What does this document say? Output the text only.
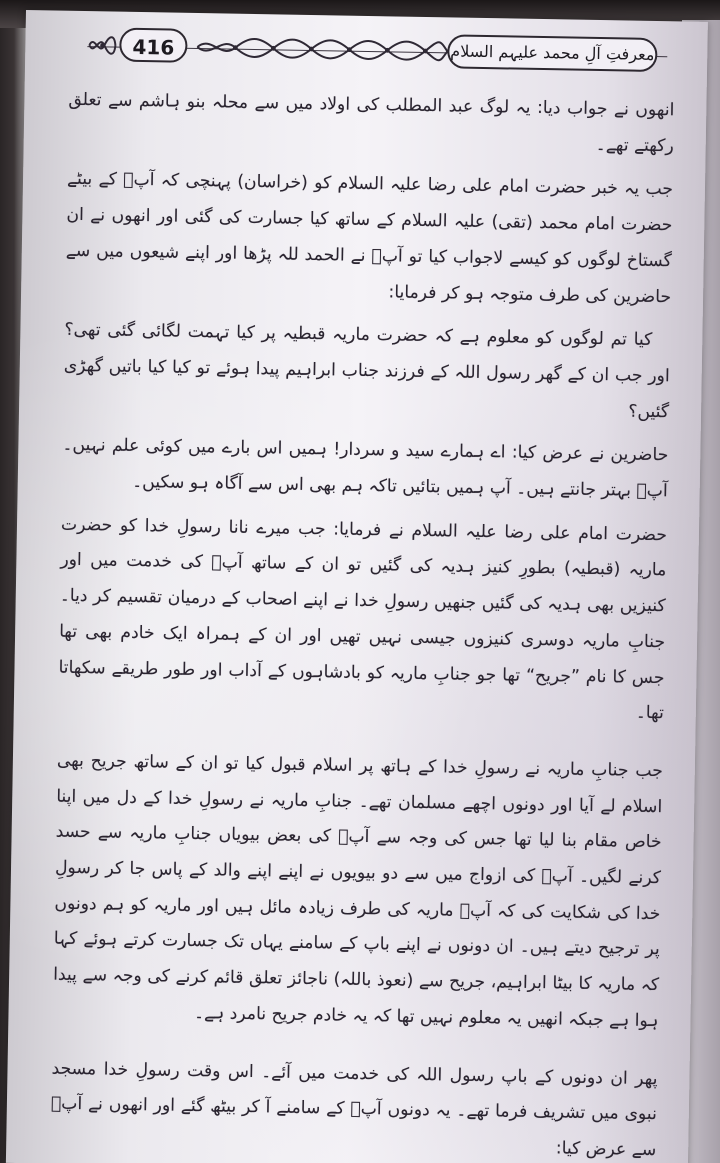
416	معرفتِ آلِ محمد علیہم السلام

انھوں نے جواب دیا: یہ لوگ عبد المطلب کی اولاد میں سے محلہ بنو ہاشم سے تعلق رکھتے تھے۔

جب یہ خبر حضرت امام علی رضا علیہ السلام کو (خراسان) پہنچی کہ آپؑ کے بیٹے حضرت امام محمد (تقی) علیہ السلام کے ساتھ کیا جسارت کی گئی اور انھوں نے ان گستاخ لوگوں کو کیسے لاجواب کیا تو آپؑ نے الحمد للہ پڑھا اور اپنے شیعوں میں سے حاضرین کی طرف متوجہ ہو کر فرمایا:

کیا تم لوگوں کو معلوم ہے کہ حضرت ماریہ قبطیہ پر کیا تہمت لگائی گئی تھی؟ اور جب ان کے گھر رسول اللہ کے فرزند جناب ابراہیم پیدا ہوئے تو کیا کیا باتیں گھڑی گئیں؟

حاضرین نے عرض کیا: اے ہمارے سید و سردار! ہمیں اس بارے میں کوئی علم نہیں۔ آپؑ بہتر جانتے ہیں۔ آپ ہمیں بتائیں تاکہ ہم بھی اس سے آگاہ ہو سکیں۔

حضرت امام علی رضا علیہ السلام نے فرمایا: جب میرے نانا رسولِ خدا کو حضرت ماریہ (قبطیہ) بطورِ کنیز ہدیہ کی گئیں تو ان کے ساتھ آپؑ کی خدمت میں اور کنیزیں بھی ہدیہ کی گئیں جنھیں رسولِ خدا نے اپنے اصحاب کے درمیان تقسیم کر دیا۔ جنابِ ماریہ دوسری کنیزوں جیسی نہیں تھیں اور ان کے ہمراہ ایک خادم بھی تھا جس کا نام ”جریح“ تھا جو جنابِ ماریہ کو بادشاہوں کے آداب اور طور طریقے سکھاتا تھا۔

جب جنابِ ماریہ نے رسولِ خدا کے ہاتھ پر اسلام قبول کیا تو ان کے ساتھ جریح بھی اسلام لے آیا اور دونوں اچھے مسلمان تھے۔ جنابِ ماریہ نے رسولِ خدا کے دل میں اپنا خاص مقام بنا لیا تھا جس کی وجہ سے آپؑ کی بعض بیویاں جنابِ ماریہ سے حسد کرنے لگیں۔ آپؑ کی ازواج میں سے دو بیویوں نے اپنے اپنے والد کے پاس جا کر رسولِ خدا کی شکایت کی کہ آپؑ ماریہ کی طرف زیادہ مائل ہیں اور ماریہ کو ہم دونوں پر ترجیح دیتے ہیں۔ ان دونوں نے اپنے باپ کے سامنے یہاں تک جسارت کرتے ہوئے کہا کہ ماریہ کا بیٹا ابراہیم، جریح سے (نعوذ باللہ) ناجائز تعلق قائم کرنے کی وجہ سے پیدا ہوا ہے جبکہ انھیں یہ معلوم نہیں تھا کہ یہ خادم جریح نامرد ہے۔

پھر ان دونوں کے باپ رسول اللہ کی خدمت میں آئے۔ اس وقت رسولِ خدا مسجد نبوی میں تشریف فرما تھے۔ یہ دونوں آپؑ کے سامنے آ کر بیٹھ گئے اور انھوں نے آپؑ سے عرض کیا:
